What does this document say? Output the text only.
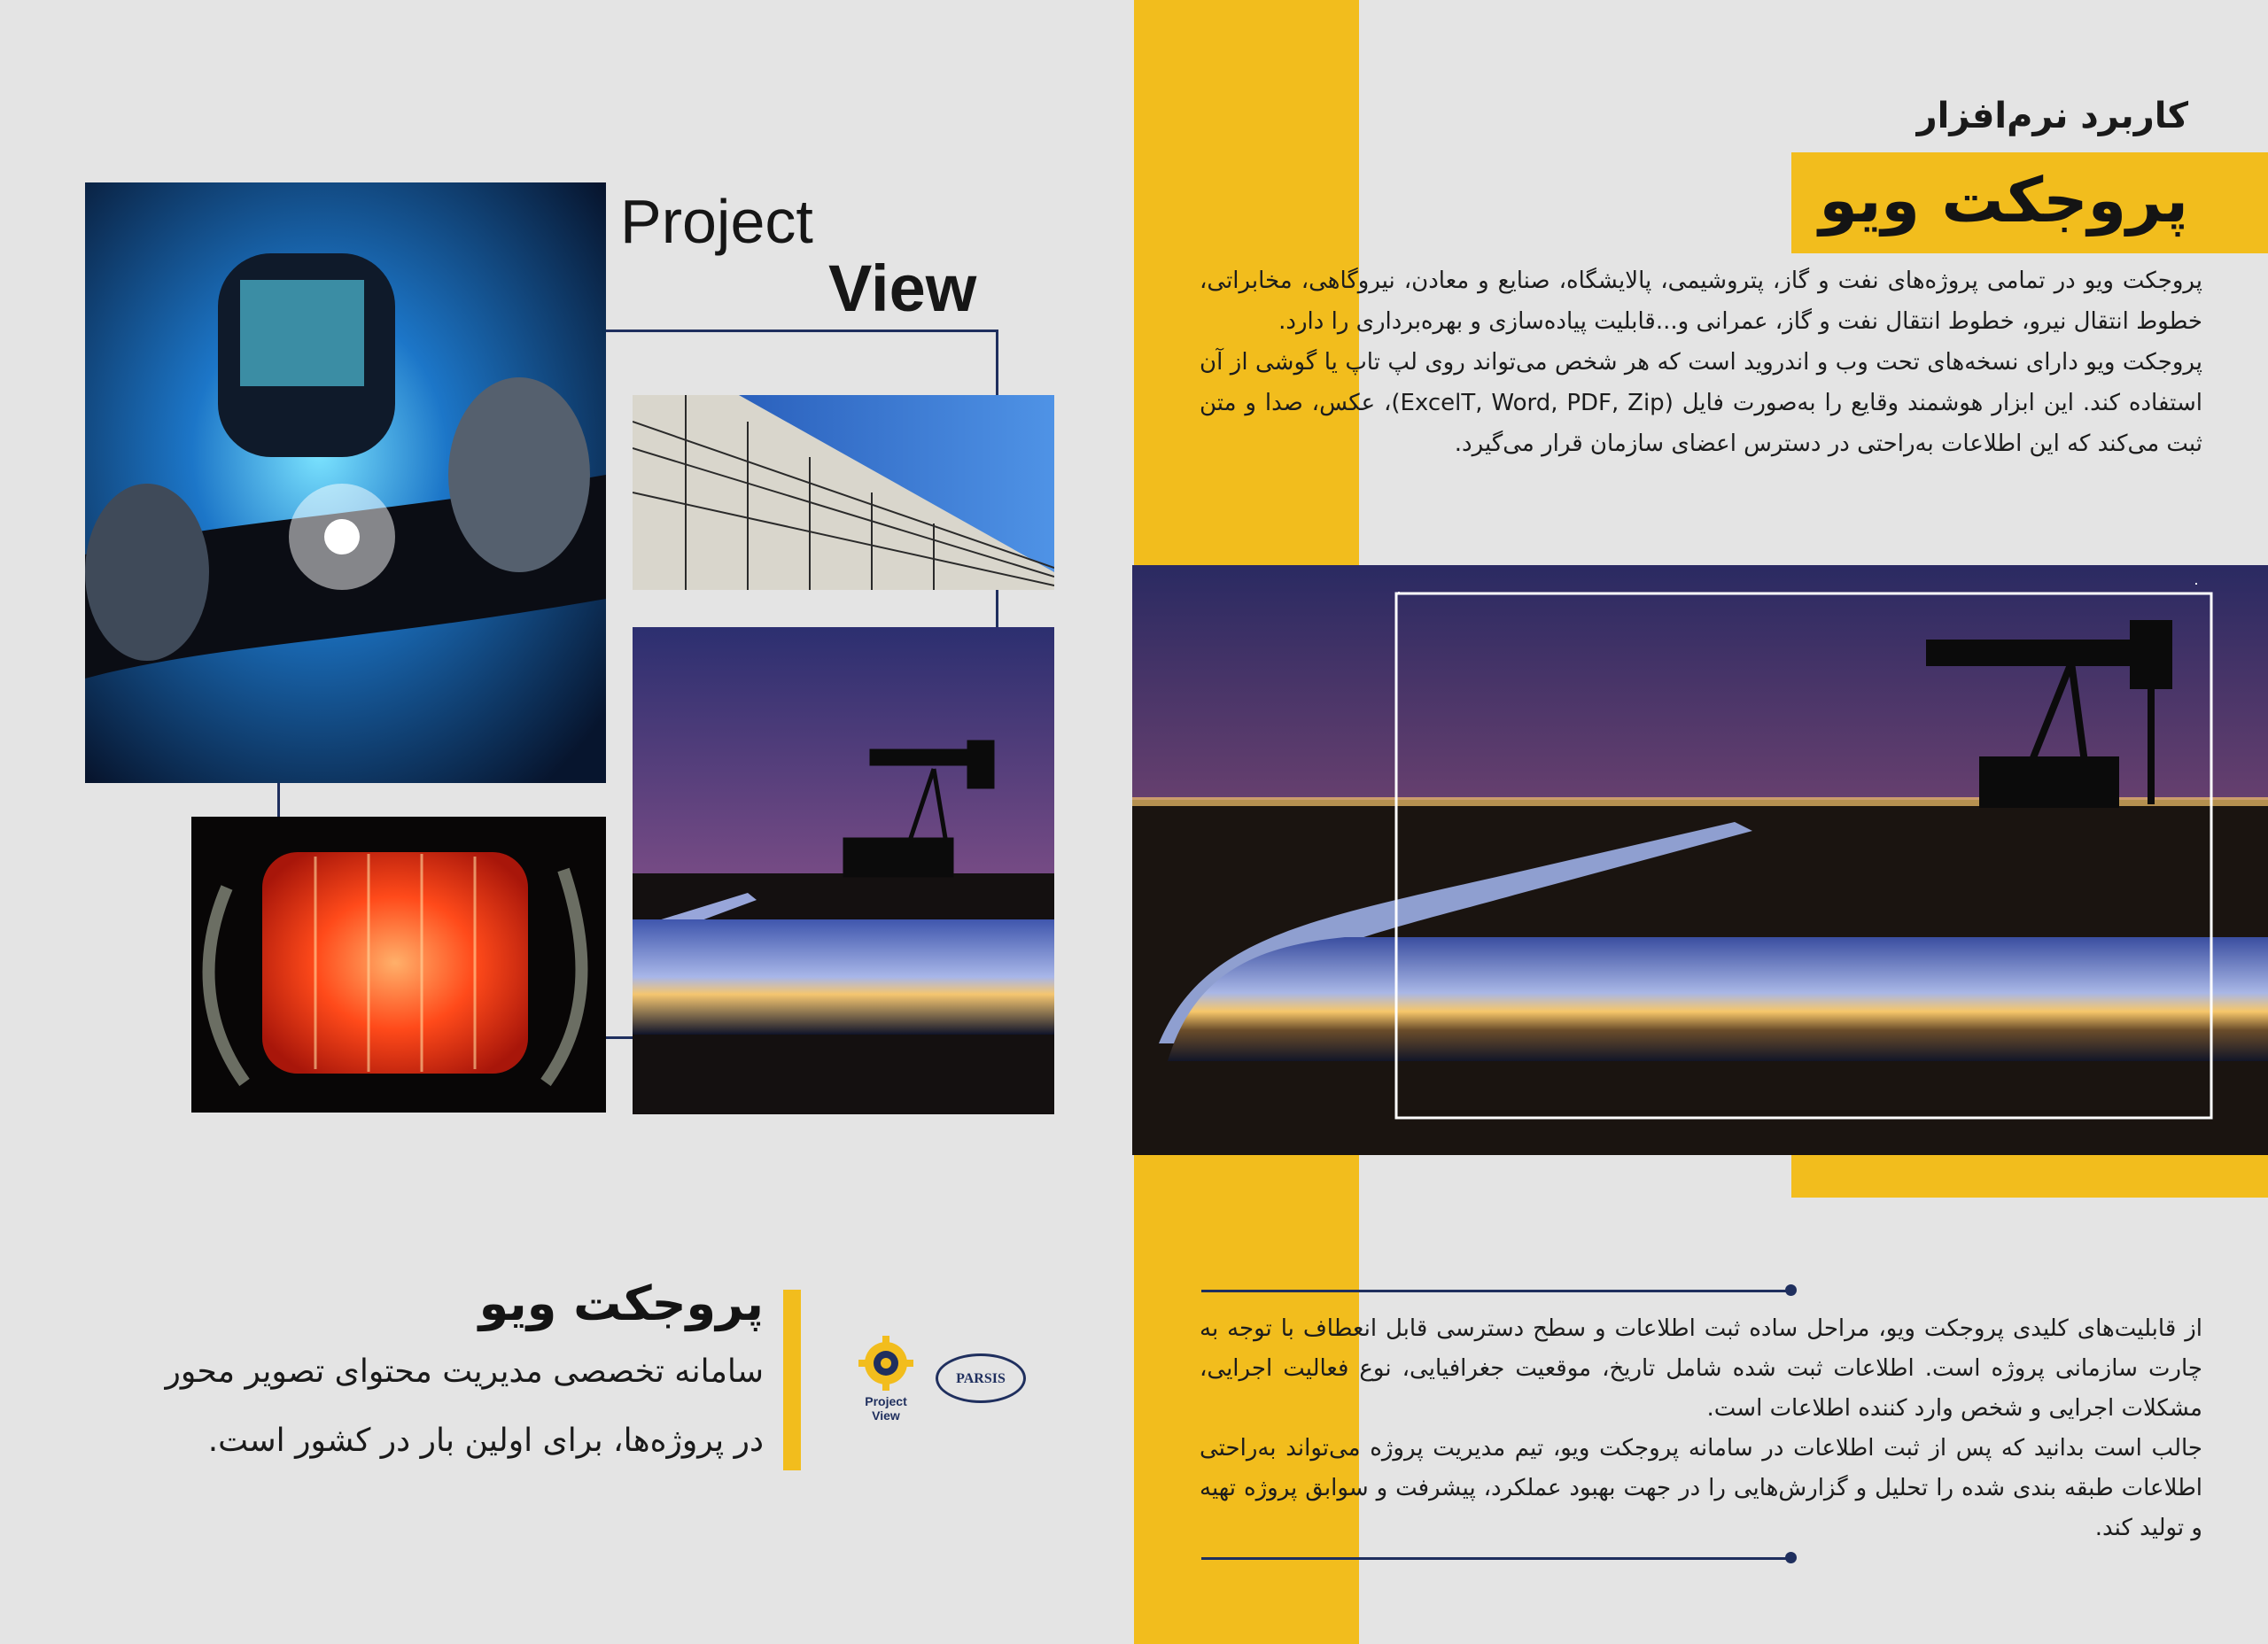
کاربرد نرم‌افزار
پروجکت ویو

پروجکت ویو در تمامی پروژه‌های نفت و گاز، پتروشیمی، پالایشگاه، صنایع و معادن، نیروگاهی، مخابراتی، خطوط انتقال نیرو، خطوط انتقال نفت و گاز، عمرانی و...قابلیت پیاده‌سازی و بهره‌برداری را دارد.

پروجکت ویو دارای نسخه‌های تحت وب و اندروید است که هر شخص می‌تواند روی لپ تاپ یا گوشی از آن استفاده کند. این ابزار هوشمند وقایع را به‌صورت فایل (ExcelT, Word, PDF, Zip)، عکس، صدا و متن ثبت می‌کند که این اطلاعات به‌راحتی در دسترس اعضای سازمان قرار می‌گیرد.

از قابلیت‌های کلیدی پروجکت ویو، مراحل ساده ثبت اطلاعات و سطح دسترسی قابل انعطاف با توجه به چارت سازمانی پروژه است. اطلاعات ثبت شده شامل تاریخ، موقعیت جغرافیایی، نوع فعالیت اجرایی، مشکلات اجرایی و شخص وارد کننده اطلاعات است.

جالب است بدانید که پس از ثبت اطلاعات در سامانه پروجکت ویو، تیم مدیریت پروژه می‌تواند به‌راحتی اطلاعات طبقه بندی شده را تحلیل و گزارش‌هایی را در جهت بهبود عملکرد، پیشرفت و سوابق پروژه تهیه و تولید کند.

Project
View
پروجکت ویو
سامانه تخصصی مدیریت محتوای تصویر محور
در پروژه‌ها، برای اولین بار در کشور است.
Project View
PARSIS
